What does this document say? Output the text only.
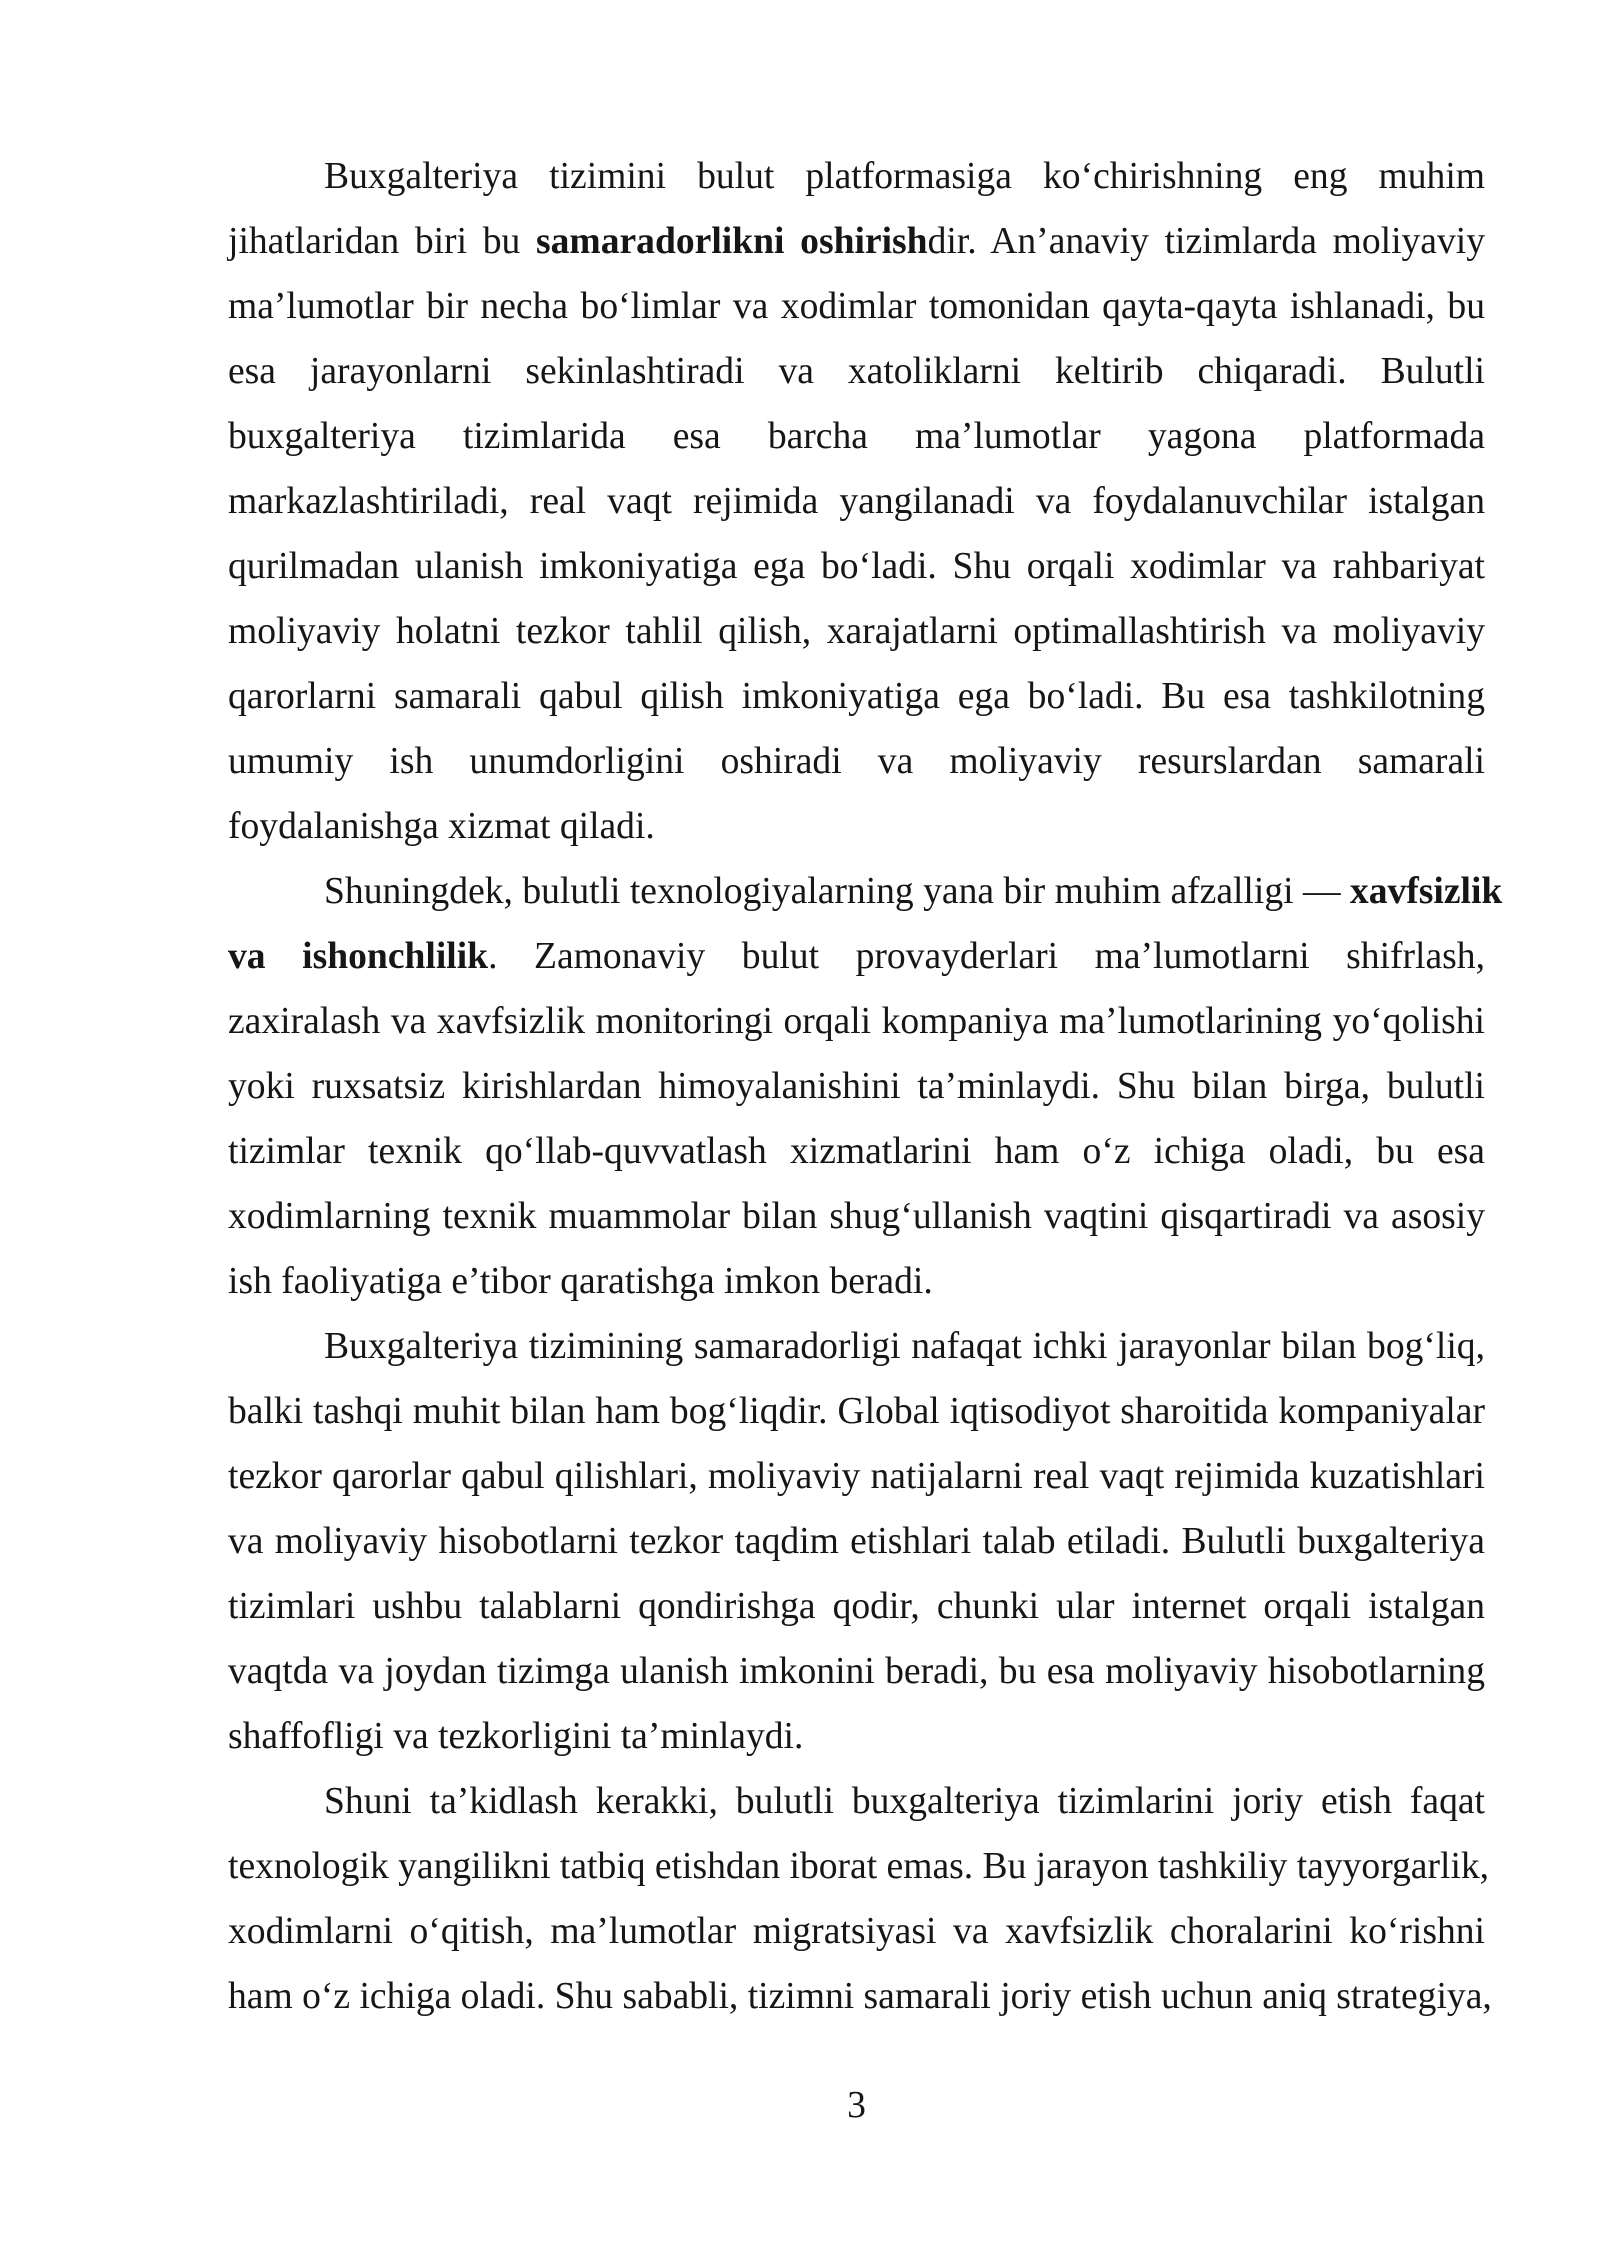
Buxgalteriya tizimini bulut platformasiga ko‘chirishning eng muhim
jihatlaridan biri bu samaradorlikni oshirishdir. An’anaviy tizimlarda moliyaviy
ma’lumotlar bir necha bo‘limlar va xodimlar tomonidan qayta-qayta ishlanadi, bu
esa jarayonlarni sekinlashtiradi va xatoliklarni keltirib chiqaradi. Bulutli
buxgalteriya tizimlarida esa barcha ma’lumotlar yagona platformada
markazlashtiriladi, real vaqt rejimida yangilanadi va foydalanuvchilar istalgan
qurilmadan ulanish imkoniyatiga ega bo‘ladi. Shu orqali xodimlar va rahbariyat
moliyaviy holatni tezkor tahlil qilish, xarajatlarni optimallashtirish va moliyaviy
qarorlarni samarali qabul qilish imkoniyatiga ega bo‘ladi. Bu esa tashkilotning
umumiy ish unumdorligini oshiradi va moliyaviy resurslardan samarali
foydalanishga xizmat qiladi.
Shuningdek, bulutli texnologiyalarning yana bir muhim afzalligi — xavfsizlik
va ishonchlilik. Zamonaviy bulut provayderlari ma’lumotlarni shifrlash,
zaxiralash va xavfsizlik monitoringi orqali kompaniya ma’lumotlarining yo‘qolishi
yoki ruxsatsiz kirishlardan himoyalanishini ta’minlaydi. Shu bilan birga, bulutli
tizimlar texnik qo‘llab-quvvatlash xizmatlarini ham o‘z ichiga oladi, bu esa
xodimlarning texnik muammolar bilan shug‘ullanish vaqtini qisqartiradi va asosiy
ish faoliyatiga e’tibor qaratishga imkon beradi.
Buxgalteriya tizimining samaradorligi nafaqat ichki jarayonlar bilan bog‘liq,
balki tashqi muhit bilan ham bog‘liqdir. Global iqtisodiyot sharoitida kompaniyalar
tezkor qarorlar qabul qilishlari, moliyaviy natijalarni real vaqt rejimida kuzatishlari
va moliyaviy hisobotlarni tezkor taqdim etishlari talab etiladi. Bulutli buxgalteriya
tizimlari ushbu talablarni qondirishga qodir, chunki ular internet orqali istalgan
vaqtda va joydan tizimga ulanish imkonini beradi, bu esa moliyaviy hisobotlarning
shaffofligi va tezkorligini ta’minlaydi.
Shuni ta’kidlash kerakki, bulutli buxgalteriya tizimlarini joriy etish faqat
texnologik yangilikni tatbiq etishdan iborat emas. Bu jarayon tashkiliy tayyorgarlik,
xodimlarni o‘qitish, ma’lumotlar migratsiyasi va xavfsizlik choralarini ko‘rishni
ham o‘z ichiga oladi. Shu sababli, tizimni samarali joriy etish uchun aniq strategiya,
3
